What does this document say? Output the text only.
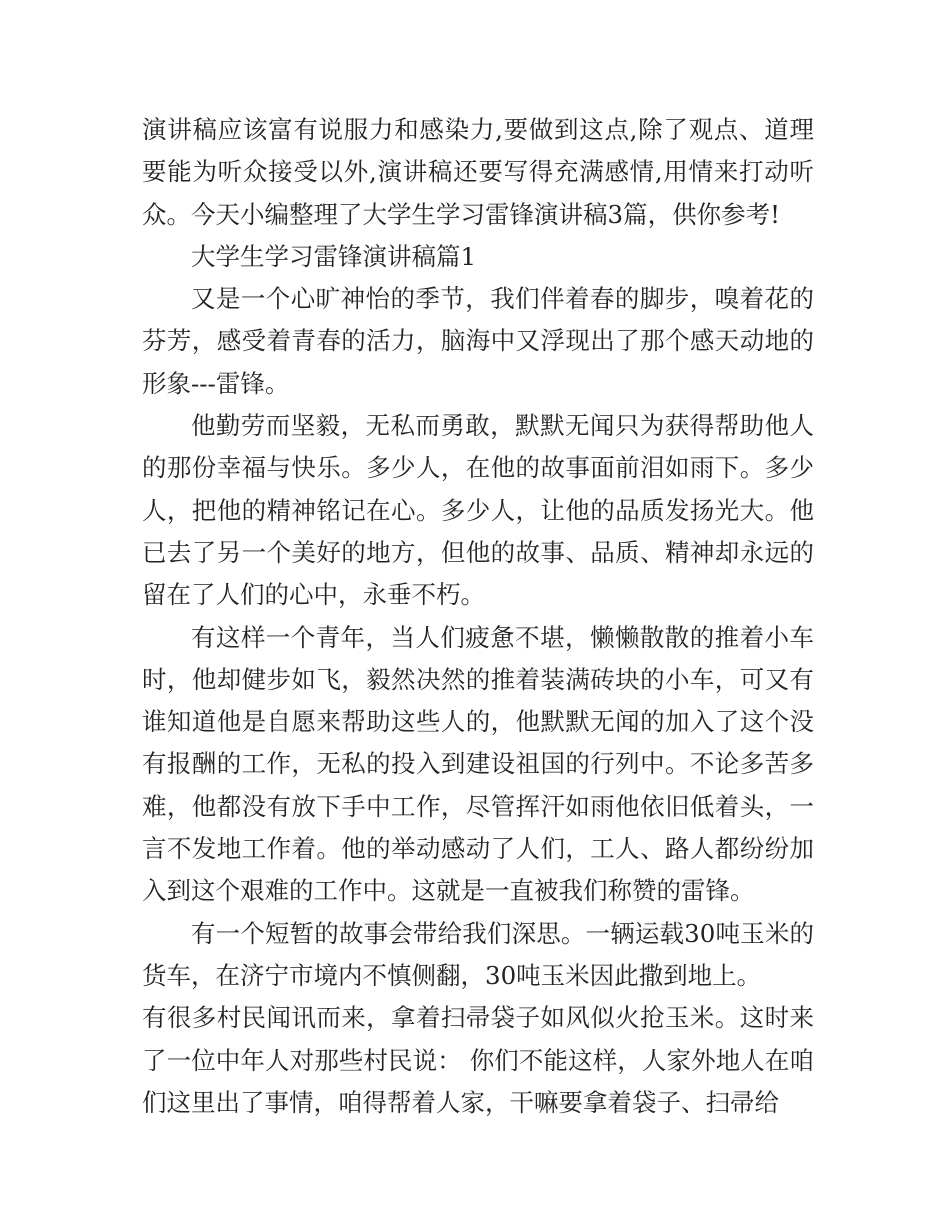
演讲稿应该富有说服力和感染力,要做到这点,除了观点、道理要能为听众接受以外,演讲稿还要写得充满感情,用情来打动听众。今天小编整理了大学生学习雷锋演讲稿3篇，供你参考!

大学生学习雷锋演讲稿篇1

又是一个心旷神怡的季节，我们伴着春的脚步，嗅着花的芬芳，感受着青春的活力，脑海中又浮现出了那个感天动地的形象---雷锋。

他勤劳而坚毅，无私而勇敢，默默无闻只为获得帮助他人的那份幸福与快乐。多少人，在他的故事面前泪如雨下。多少人，把他的精神铭记在心。多少人，让他的品质发扬光大。他已去了另一个美好的地方，但他的故事、品质、精神却永远的留在了人们的心中，永垂不朽。

有这样一个青年，当人们疲惫不堪，懒懒散散的推着小车时，他却健步如飞，毅然决然的推着装满砖块的小车，可又有谁知道他是自愿来帮助这些人的，他默默无闻的加入了这个没有报酬的工作，无私的投入到建设祖国的行列中。不论多苦多难，他都没有放下手中工作，尽管挥汗如雨他依旧低着头，一言不发地工作着。他的举动感动了人们，工人、路人都纷纷加入到这个艰难的工作中。这就是一直被我们称赞的雷锋。

有一个短暂的故事会带给我们深思。一辆运载30吨玉米的货车，在济宁市境内不慎侧翻，30吨玉米因此撒到地上。

有很多村民闻讯而来，拿着扫帚袋子如风似火抢玉米。这时来了一位中年人对那些村民说： 你们不能这样，人家外地人在咱们这里出了事情，咱得帮着人家，干嘛要拿着袋子、扫帚给
